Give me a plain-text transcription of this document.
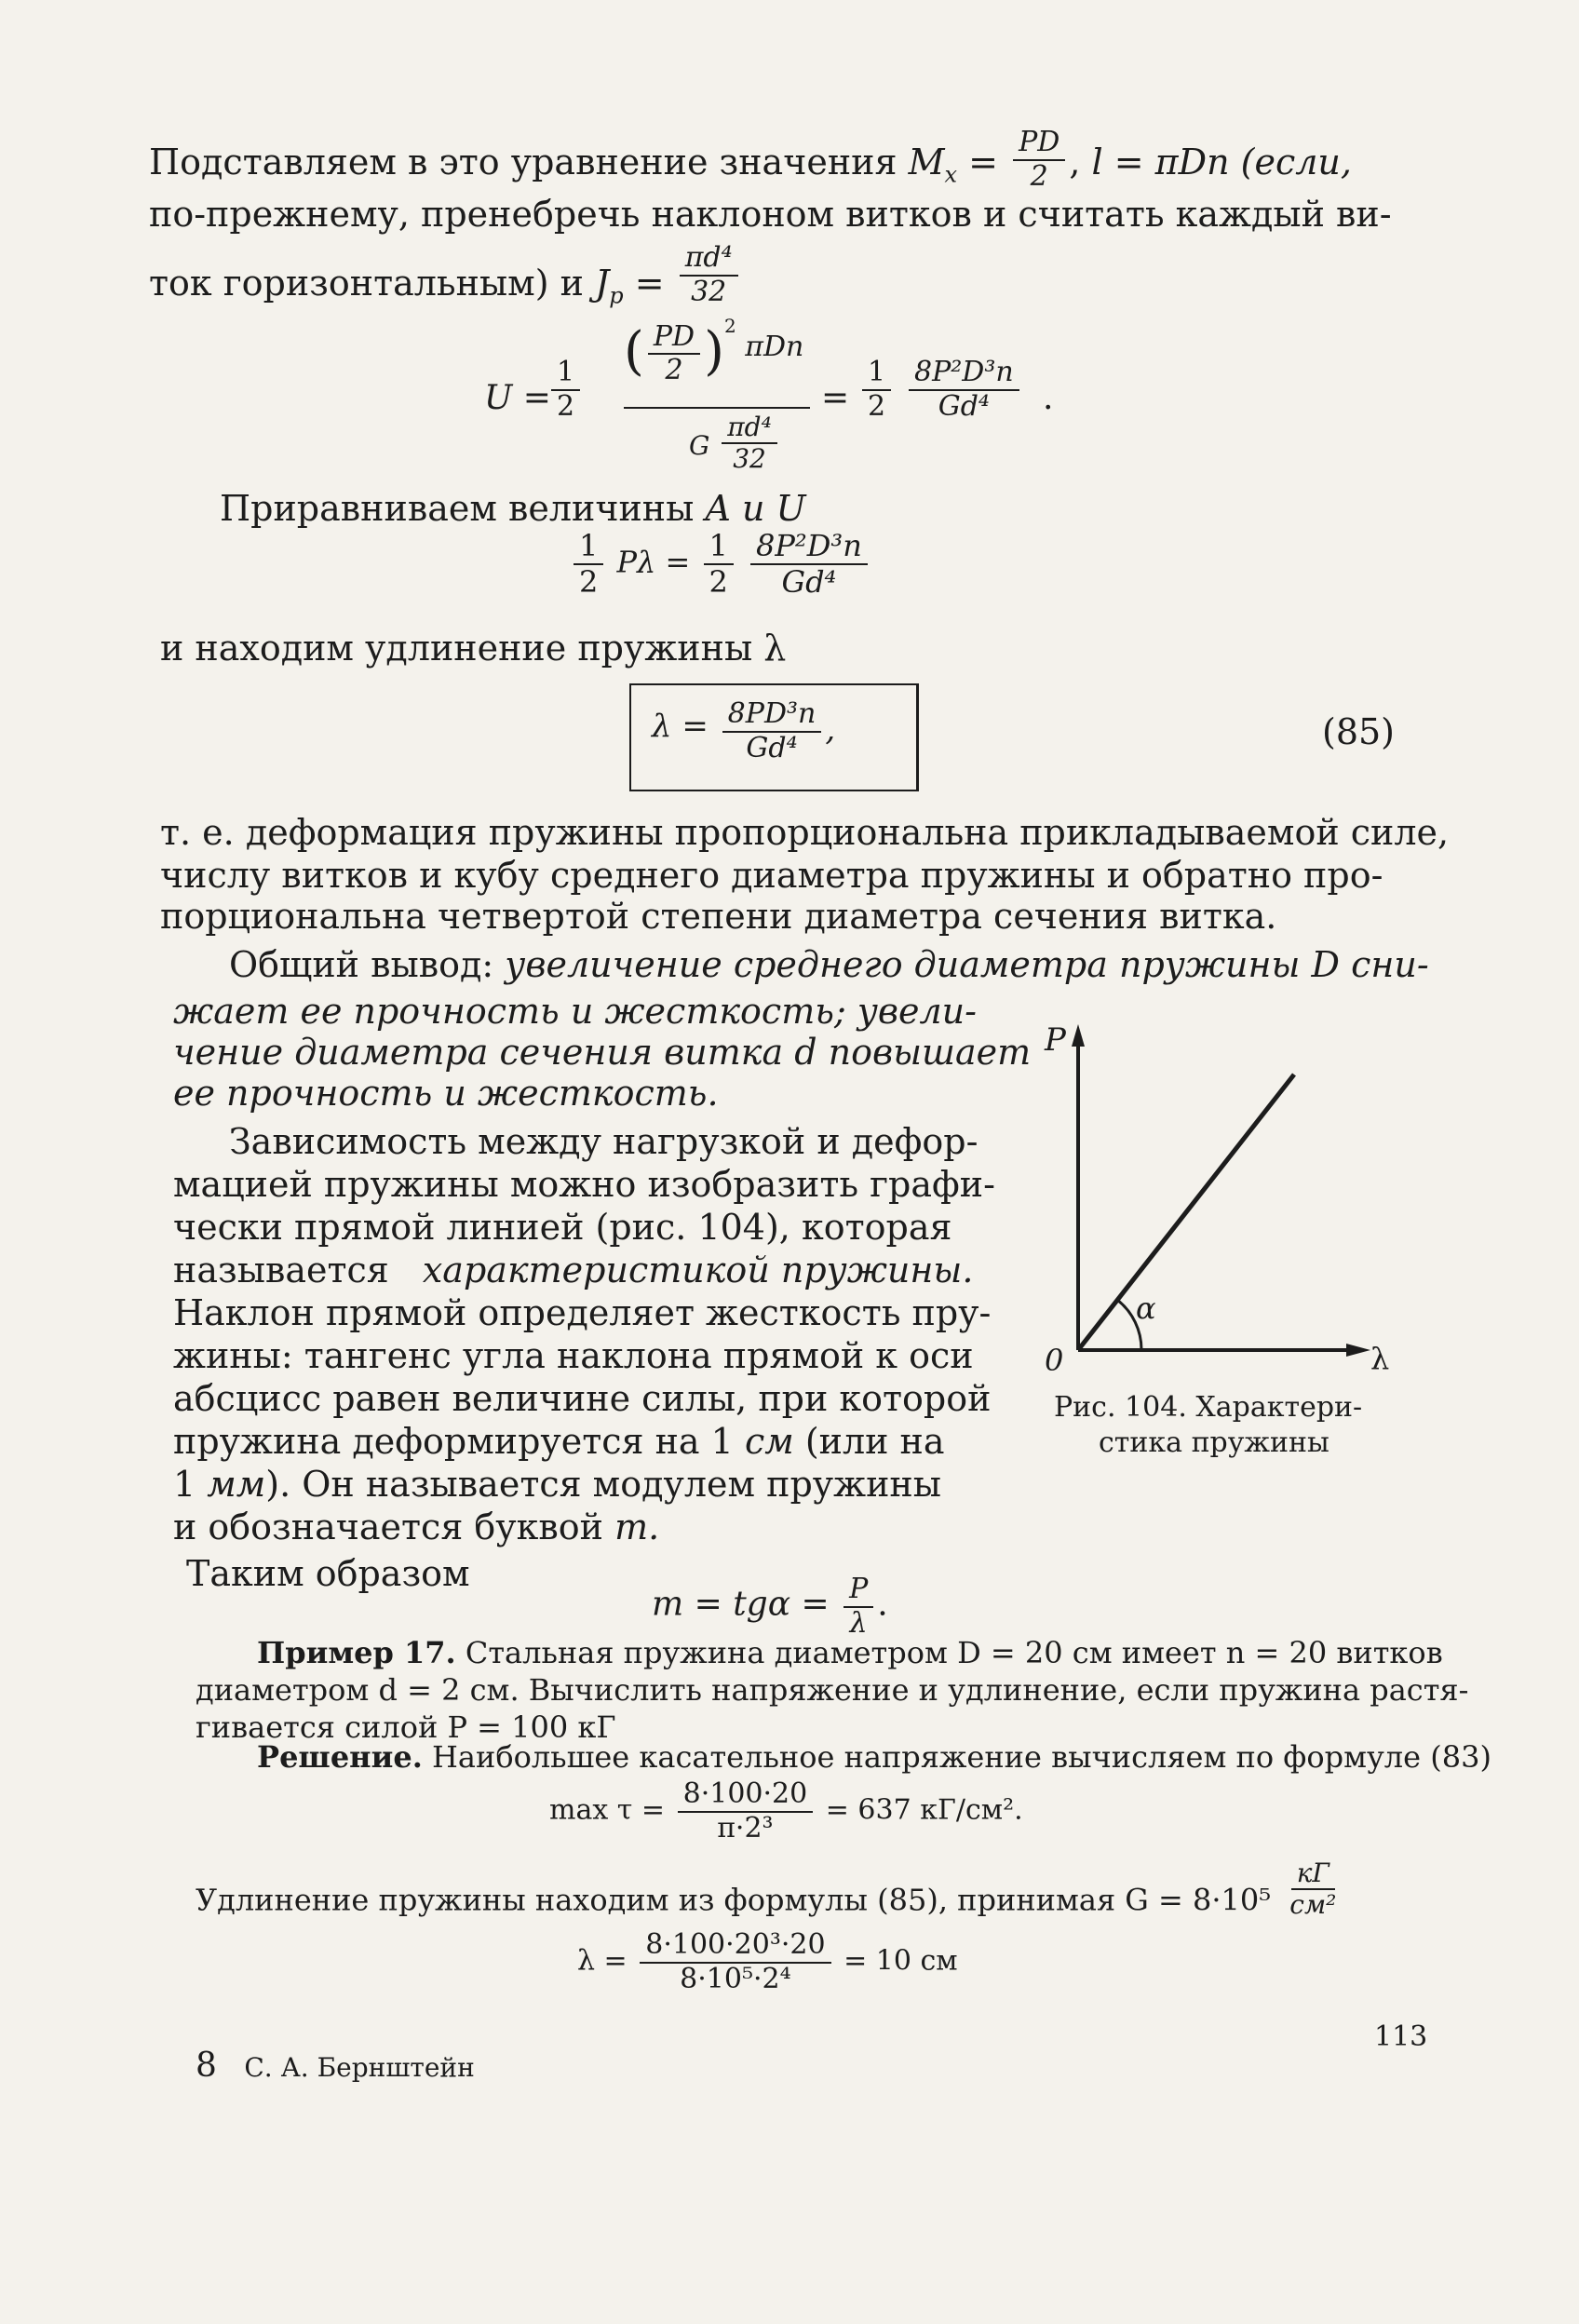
Подставляем в это уравнение значения $M_x = \frac{PD}{2}$ , l = πDn (если,
по-прежнему, пренебречь наклоном витков и считать каждый ви-
ток горизонтальным) и $J_p = \frac{\text{πd⁴}}{32}$
$U = \frac{1}{2}$
( $\frac{PD}{2} )^2$ πDn
G $\frac{\text{πd⁴}}{32}$
= $\frac{1}{2} \frac{\text{8P²D³n}}{\text{Gd⁴}}$ .
Приравниваем величины A и U
$\frac{1}{2}$ $P\lambda = \frac{1}{2}$
$\frac{\text{8P²D³n}}{\text{Gd⁴}}$
и находим удлинение пружины λ
$\lambda = \frac{\text{8PD³n}}{\text{Gd⁴}}$ ,	(85)
т. е. деформация пружины пропорциональна прикладываемой силе,
числу витков и кубу среднего диаметра пружины и обратно про-
порциональна четвертой степени диаметра сечения витка.
Общий вывод: увеличение среднего диаметра пружины D сни-
жает ее прочность и жесткость; увели-
чение диаметра сечения витка d повышает
ее прочность и жесткость.
Зависимость между нагрузкой и дефор-
мацией пружины можно изобразить графи-
чески прямой линией (рис. 104), которая
называется характеристикой пружины.
Наклон прямой определяет жесткость пру-
жины: тангенс угла наклона прямой к оси
абсцисс равен величине силы, при которой
пружина деформируется на 1 см (или на
1 мм). Он называется модулем пружины
и обозначается буквой m.
Таким образом
$m = tg\alpha = \frac{P}{\lambda}$ .
P
λ
0
α
Рис. 104. Характери-
стика пружины
Пример 17. Стальная пружина диаметром D = 20 см имеет n = 20 витков
диаметром d = 2 см. Вычислить напряжение и удлинение, если пружина растя-
гивается силой P = 100 кГ
Решение. Наибольшее касательное напряжение вычисляем по формуле (83)
$\max \tau = \frac{8\cdot 100\cdot 20}{\text{π·2³}} = 637$ кГ/см².
Удлинение пружины находим из формулы (85), принимая $G = 8\cdot 10^5 \frac{кГ}{\text{см²}}$
$\lambda = \frac{\text{8·100·20³·20}}{\text{8·10⁵·2⁴}} = 10$ см
8 С. А. Бернштейн
113
